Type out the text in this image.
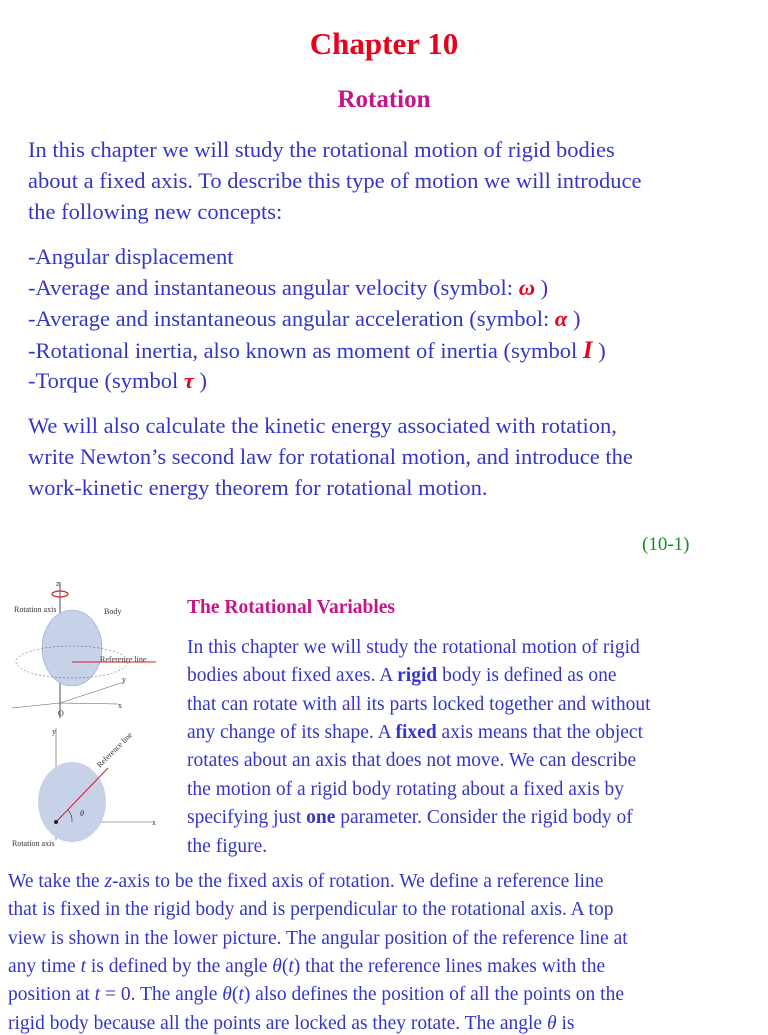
Chapter 10
Rotation
In this chapter we will study the rotational motion of rigid bodies
about a fixed axis. To describe this type of motion we will introduce
the following new concepts:
-Angular displacement
-Average and instantaneous angular velocity (symbol: ω )
-Average and instantaneous angular acceleration (symbol: α )
-Rotational inertia, also known as moment of inertia (symbol I )
-Torque (symbol τ )
We will also calculate the kinetic energy associated with rotation,
write Newton’s second law for rotational motion, and introduce the
work-kinetic energy theorem for rotational motion.
(10-1)
The Rotational Variables
In this chapter we will study the rotational motion of rigid
bodies about fixed axes. A rigid body is defined as one
that can rotate with all its parts locked together and without
any change of its shape. A fixed axis means that the object
rotates about an axis that does not move. We can describe
the motion of a rigid body rotating about a fixed axis by
specifying just one parameter. Consider the rigid body of
the figure.
We take the z-axis to be the fixed axis of rotation. We define a reference line
that is fixed in the rigid body and is perpendicular to the rotational axis. A top
view is shown in the lower picture. The angular position of the reference line at
any time t is defined by the angle θ(t) that the reference lines makes with the
position at t = 0. The angle θ(t) also defines the position of all the points on the
rigid body because all the points are locked as they rotate. The angle θ is
z
Rotation axis	Body
Reference line
O
x
y
y
x
θ
Rotation axis
Reference line
